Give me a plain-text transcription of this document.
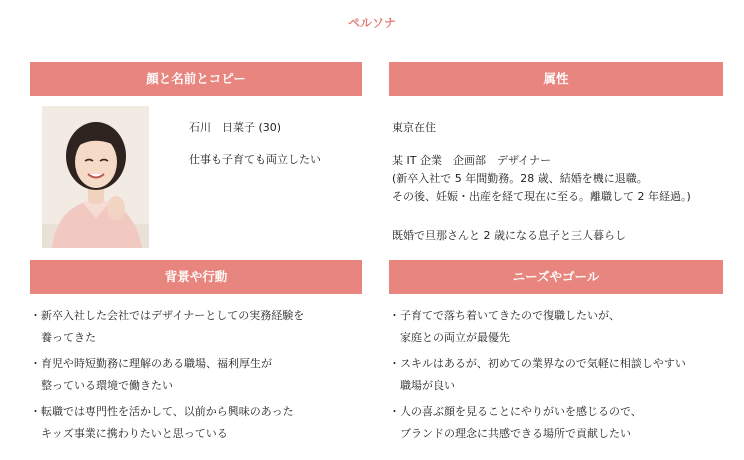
ペルソナ
顔と名前とコピー
石川　日菜子 (30)
仕事も子育ても両立したい
属性
東京在住

某 IT 企業　企画部　デザイナー

(新卒入社で 5 年間勤務。28 歳、結婚を機に退職。

その後、妊娠・出産を経て現在に至る。離職して 2 年経過。)

既婚で旦那さんと 2 歳になる息子と三人暮らし
背景や行動
・新卒入社した会社ではデザイナーとしての実務経験を
　養ってきた
・育児や時短勤務に理解のある職場、福利厚生が
　整っている環境で働きたい
・転職では専門性を活かして、以前から興味のあった
　キッズ事業に携わりたいと思っている
ニーズやゴール
・子育てで落ち着いてきたので復職したいが、
　家庭との両立が最優先
・スキルはあるが、初めての業界なので気軽に相談しやすい
　職場が良い
・人の喜ぶ顔を見ることにやりがいを感じるので、
　ブランドの理念に共感できる場所で貢献したい
